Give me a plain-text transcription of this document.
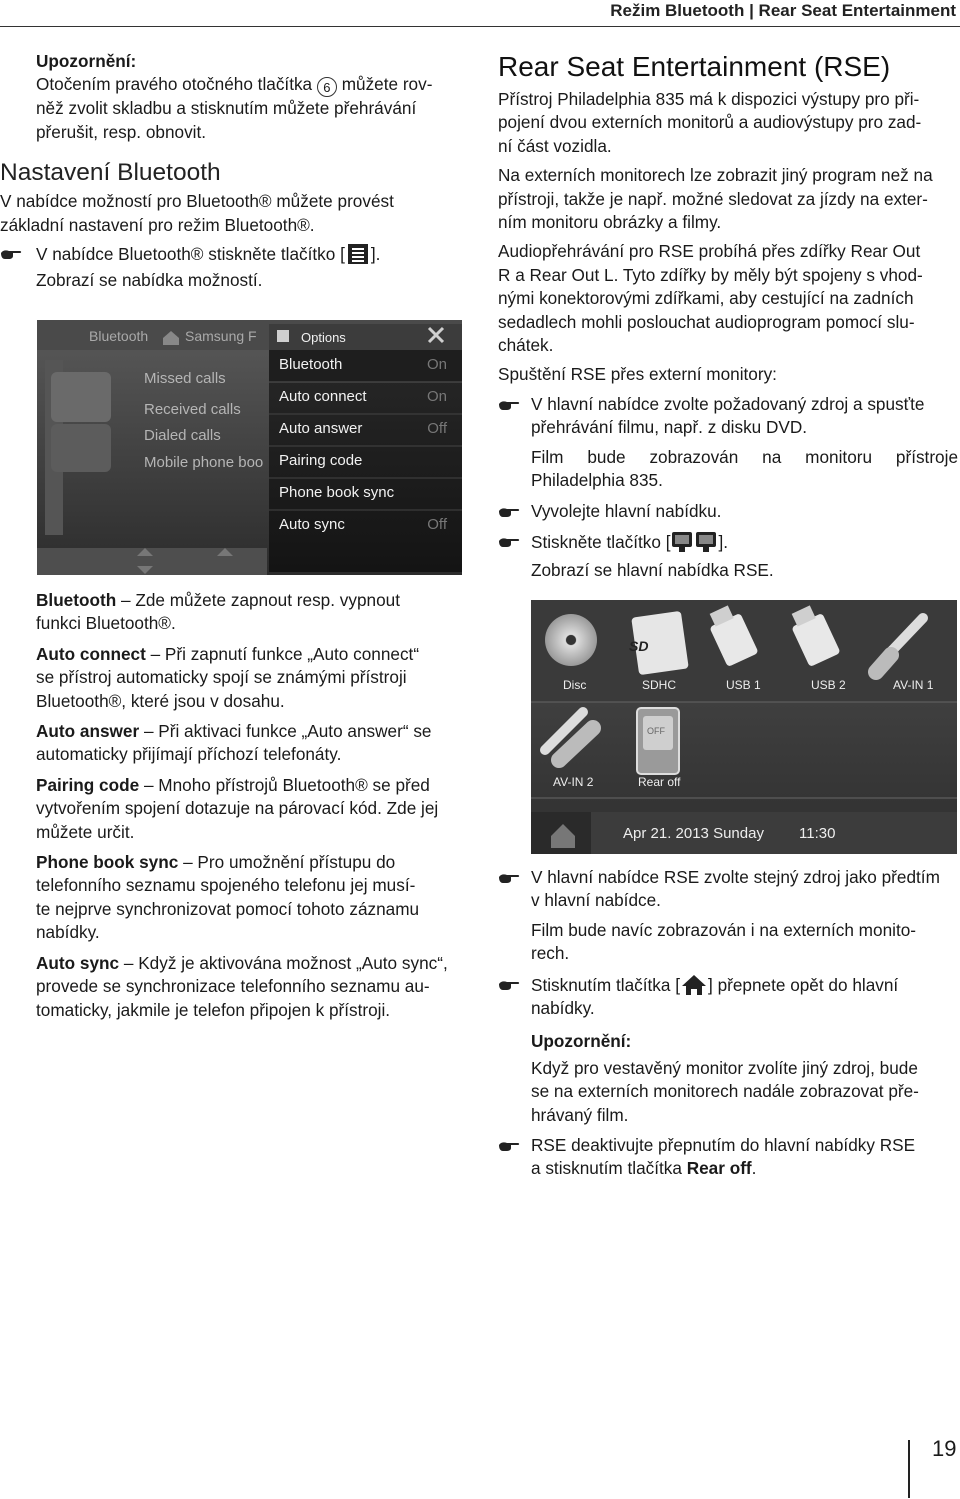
Režim Bluetooth | Rear Seat Entertainment

Upozornění:

Otočením pravého otočného tlačítka 6 můžete rov-

něž zvolit skladbu a stisknutím můžete přehrávání

přerušit, resp. obnovit.

Nastavení Bluetooth

V nabídce možností pro Bluetooth® můžete provést

základní nastavení pro režim Bluetooth®.

V nabídce Bluetooth® stiskněte tlačítko [ ].

Zobrazí se nabídka možností.

Bluetooth	Samsung F	Options
Missed calls
Received calls
Dialed calls
Mobile phone boo
Bluetooth	On
Auto connect	On
Auto answer	Off
Pairing code
Phone book sync
Auto sync	Off

Bluetooth – Zde můžete zapnout resp. vypnout

funkci Bluetooth®.

Auto connect – Při zapnutí funkce „Auto connect“

se přístroj automaticky spojí se známými přístroji

Bluetooth®, které jsou v dosahu.

Auto answer – Při aktivaci funkce „Auto answer“ se

automaticky přijímají příchozí telefonáty.

Pairing code – Mnoho přístrojů Bluetooth® se před

vytvořením spojení dotazuje na párovací kód. Zde jej

můžete určit.

Phone book sync – Pro umožnění přístupu do

telefonního seznamu spojeného telefonu jej musí-

te nejprve synchronizovat pomocí tohoto záznamu

nabídky.

Auto sync – Když je aktivována možnost „Auto sync“,

provede se synchronizace telefonního seznamu au-

tomaticky, jakmile je telefon připojen k přístroji.

Rear Seat Entertainment (RSE)

Přístroj Philadelphia 835 má k dispozici výstupy pro při-

pojení dvou externích monitorů a audiovýstupy pro zad-

ní část vozidla.

Na externích monitorech lze zobrazit jiný program než na

přístroji, takže je např. možné sledovat za jízdy na exter-

ním monitoru obrázky a filmy.

Audiopřehrávání pro RSE probíhá přes zdířky Rear Out

R a Rear Out L. Tyto zdířky by měly být spojeny s vhod-

nými konektorovými zdířkami, aby cestující na zadních

sedadlech mohli poslouchat audioprogram pomocí slu-

chátek.

Spuštění RSE přes externí monitory:

V hlavní nabídce zvolte požadovaný zdroj a spusťte

přehrávání filmu, např. z disku DVD.

Film bude zobrazován na monitoru přístroje

Philadelphia 835.

Vyvolejte hlavní nabídku.

Stiskněte tlačítko [	].

Zobrazí se hlavní nabídka RSE.

SD
Disc	SDHC	USB 1	USB 2	AV-IN 1
AV-IN 2	Rear off
OFF
Apr 21. 2013 Sunday 11:30

V hlavní nabídce RSE zvolte stejný zdroj jako předtím

v hlavní nabídce.

Film bude navíc zobrazován i na externích monito-

rech.

Stisknutím tlačítka [ ] přepnete opět do hlavní

nabídky.

Upozornění:

Když pro vestavěný monitor zvolíte jiný zdroj, bude

se na externích monitorech nadále zobrazovat pře-

hrávaný film.

RSE deaktivujte přepnutím do hlavní nabídky RSE

a stisknutím tlačítka Rear off.

19
